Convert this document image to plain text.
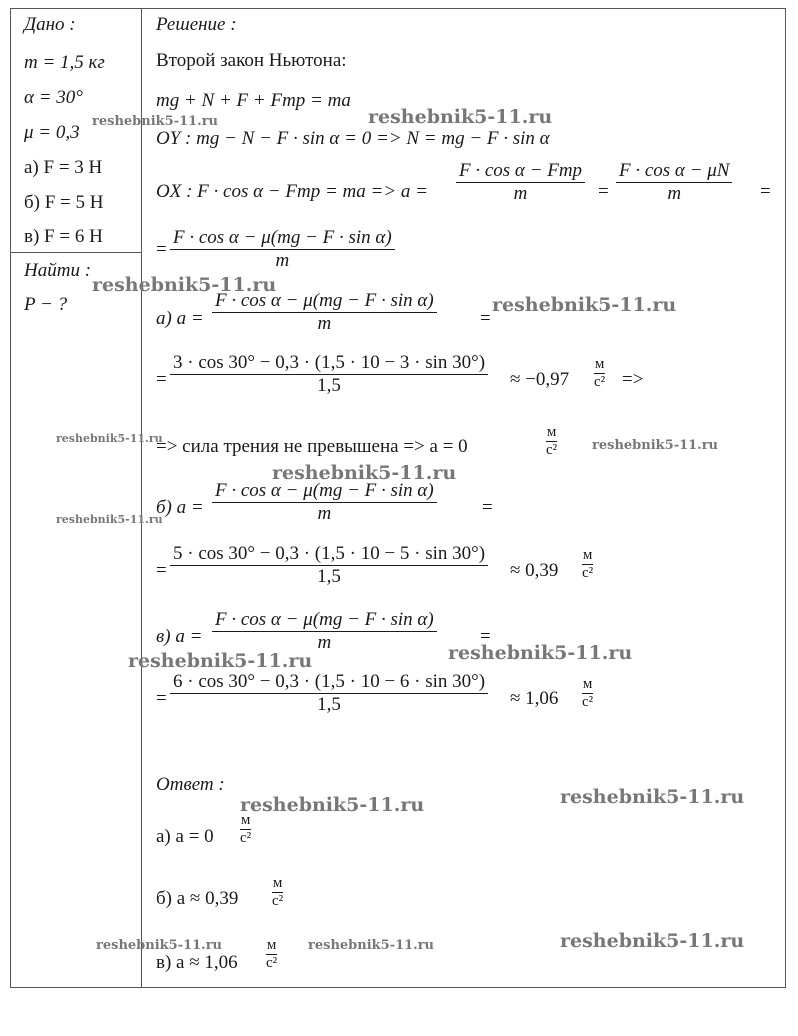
Дано :
m = 1,5 кг
α = 30°
μ = 0,3
а) F = 3 Н
б) F = 5 Н
в) F = 6 Н
Найти :
P − ?
Решение :
Второй закон Ньютона:
mg + N + F + Fтр = ma
OY : mg − N − F · sin α = 0 => N = mg − F · sin α
OX : F · cos α − Fтр = ma => a =
F · cos α − Fтр
m	=
F · cos α − μN
m	=
=
F · cos α − μ(mg − F · sin α)
m
а) a =
F · cos α − μ(mg − F · sin α)
m	=
=
3 · cos 30° − 0,3 · (1,5 · 10 − 3 · sin 30°)
1,5	≈ −0,97
м
с² =>
=> сила трения не превышена => a = 0
м
с²
б) a =
F · cos α − μ(mg − F · sin α)
m	=
=
5 · cos 30° − 0,3 · (1,5 · 10 − 5 · sin 30°)
1,5	≈ 0,39
м
с²
в) a =
F · cos α − μ(mg − F · sin α)
m	=
=
6 · cos 30° − 0,3 · (1,5 · 10 − 6 · sin 30°)
1,5	≈ 1,06
м
с²
Ответ :
а) a = 0
м
с²
б) a ≈ 0,39
м
с²
в) a ≈ 1,06
м
с²
reshebnik5-11.ru
reshebnik5-11.ru
reshebnik5-11.ru
reshebnik5-11.ru
reshebnik5-11.ru	reshebnik5-11.ru
reshebnik5-11.ru
reshebnik5-11.ru
reshebnik5-11.ru	reshebnik5-11.ru
reshebnik5-11.ru	reshebnik5-11.ru
reshebnik5-11.ru	reshebnik5-11.ru	reshebnik5-11.ru
